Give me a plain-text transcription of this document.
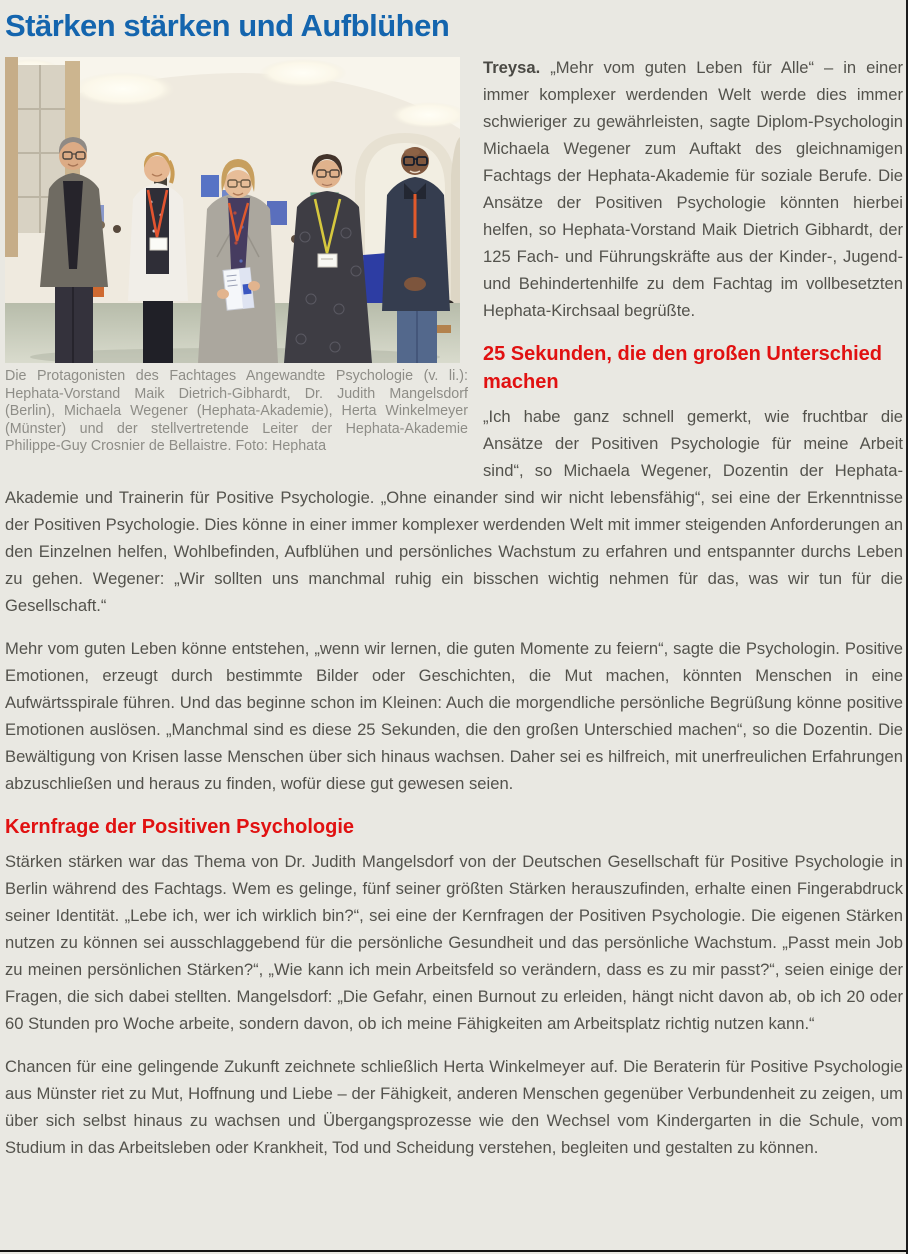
Stärken stärken und Aufblühen
Die Protagonisten des Fachtages Angewandte Psychologie (v. li.): Hephata-Vorstand Maik Dietrich-Gibhardt, Dr. Judith Mangelsdorf (Berlin), Michaela Wegener (Hephata-Akademie), Herta Winkelmeyer (Münster) und der stellvertretende Leiter der Hephata-Akademie Philippe-Guy Crosnier de Bellaistre. Foto: Hephata

Treysa. „Mehr vom guten Leben für Alle“ – in einer immer komplexer werdenden Welt werde dies immer schwieriger zu gewährleisten, sagte Diplom-Psychologin Michaela Wegener zum Auftakt des gleichnamigen Fachtags der Hephata-Akademie für soziale Berufe. Die Ansätze der Positiven Psychologie könnten hierbei helfen, so Hephata-Vorstand Maik Dietrich Gibhardt, der 125 Fach- und Führungskräfte aus der Kinder-, Jugend- und Behindertenhilfe zu dem Fachtag im vollbesetzten Hephata-Kirchsaal begrüßte.

25 Sekunden, die den großen Unterschied machen

„Ich habe ganz schnell gemerkt, wie fruchtbar die Ansätze der Positiven Psychologie für meine Arbeit sind“, so Michaela Wegener, Dozentin der Hephata-Akademie und Trainerin für Positive Psychologie. „Ohne einander sind wir nicht lebensfähig“, sei eine der Erkenntnisse der Positiven Psychologie. Dies könne in einer immer komplexer werdenden Welt mit immer steigenden Anforderungen an den Einzelnen helfen, Wohlbefinden, Aufblühen und persönliches Wachstum zu erfahren und entspannter durchs Leben zu gehen. Wegener: „Wir sollten uns manchmal ruhig ein bisschen wichtig nehmen für das, was wir tun für die Gesellschaft.“

Mehr vom guten Leben könne entstehen, „wenn wir lernen, die guten Momente zu feiern“, sagte die Psychologin. Positive Emotionen, erzeugt durch bestimmte Bilder oder Geschichten, die Mut machen, könnten Menschen in eine Aufwärtsspirale führen. Und das beginne schon im Kleinen: Auch die morgendliche persönliche Begrüßung könne positive Emotionen auslösen. „Manchmal sind es diese 25 Sekunden, die den großen Unterschied machen“, so die Dozentin. Die Bewältigung von Krisen lasse Menschen über sich hinaus wachsen. Daher sei es hilfreich, mit unerfreulichen Erfahrungen abzuschließen und heraus zu finden, wofür diese gut gewesen seien.

Kernfrage der Positiven Psychologie

Stärken stärken war das Thema von Dr. Judith Mangelsdorf von der Deutschen Gesellschaft für Positive Psychologie in Berlin während des Fachtags. Wem es gelinge, fünf seiner größten Stärken herauszufinden, erhalte einen Fingerabdruck seiner Identität. „Lebe ich, wer ich wirklich bin?“, sei eine der Kernfragen der Positiven Psychologie. Die eigenen Stärken nutzen zu können sei ausschlaggebend für die persönliche Gesundheit und das persönliche Wachstum. „Passt mein Job zu meinen persönlichen Stärken?“, „Wie kann ich mein Arbeitsfeld so verändern, dass es zu mir passt?“, seien einige der Fragen, die sich dabei stellten. Mangelsdorf: „Die Gefahr, einen Burnout zu erleiden, hängt nicht davon ab, ob ich 20 oder 60 Stunden pro Woche arbeite, sondern davon, ob ich meine Fähigkeiten am Arbeitsplatz richtig nutzen kann.“

Chancen für eine gelingende Zukunft zeichnete schließlich Herta Winkelmeyer auf. Die Beraterin für Positive Psychologie aus Münster riet zu Mut, Hoffnung und Liebe – der Fähigkeit, anderen Menschen gegenüber Verbundenheit zu zeigen, um über sich selbst hinaus zu wachsen und Übergangsprozesse wie den Wechsel vom Kindergarten in die Schule, vom Studium in das Arbeitsleben oder Krankheit, Tod und Scheidung verstehen, begleiten und gestalten zu können.
